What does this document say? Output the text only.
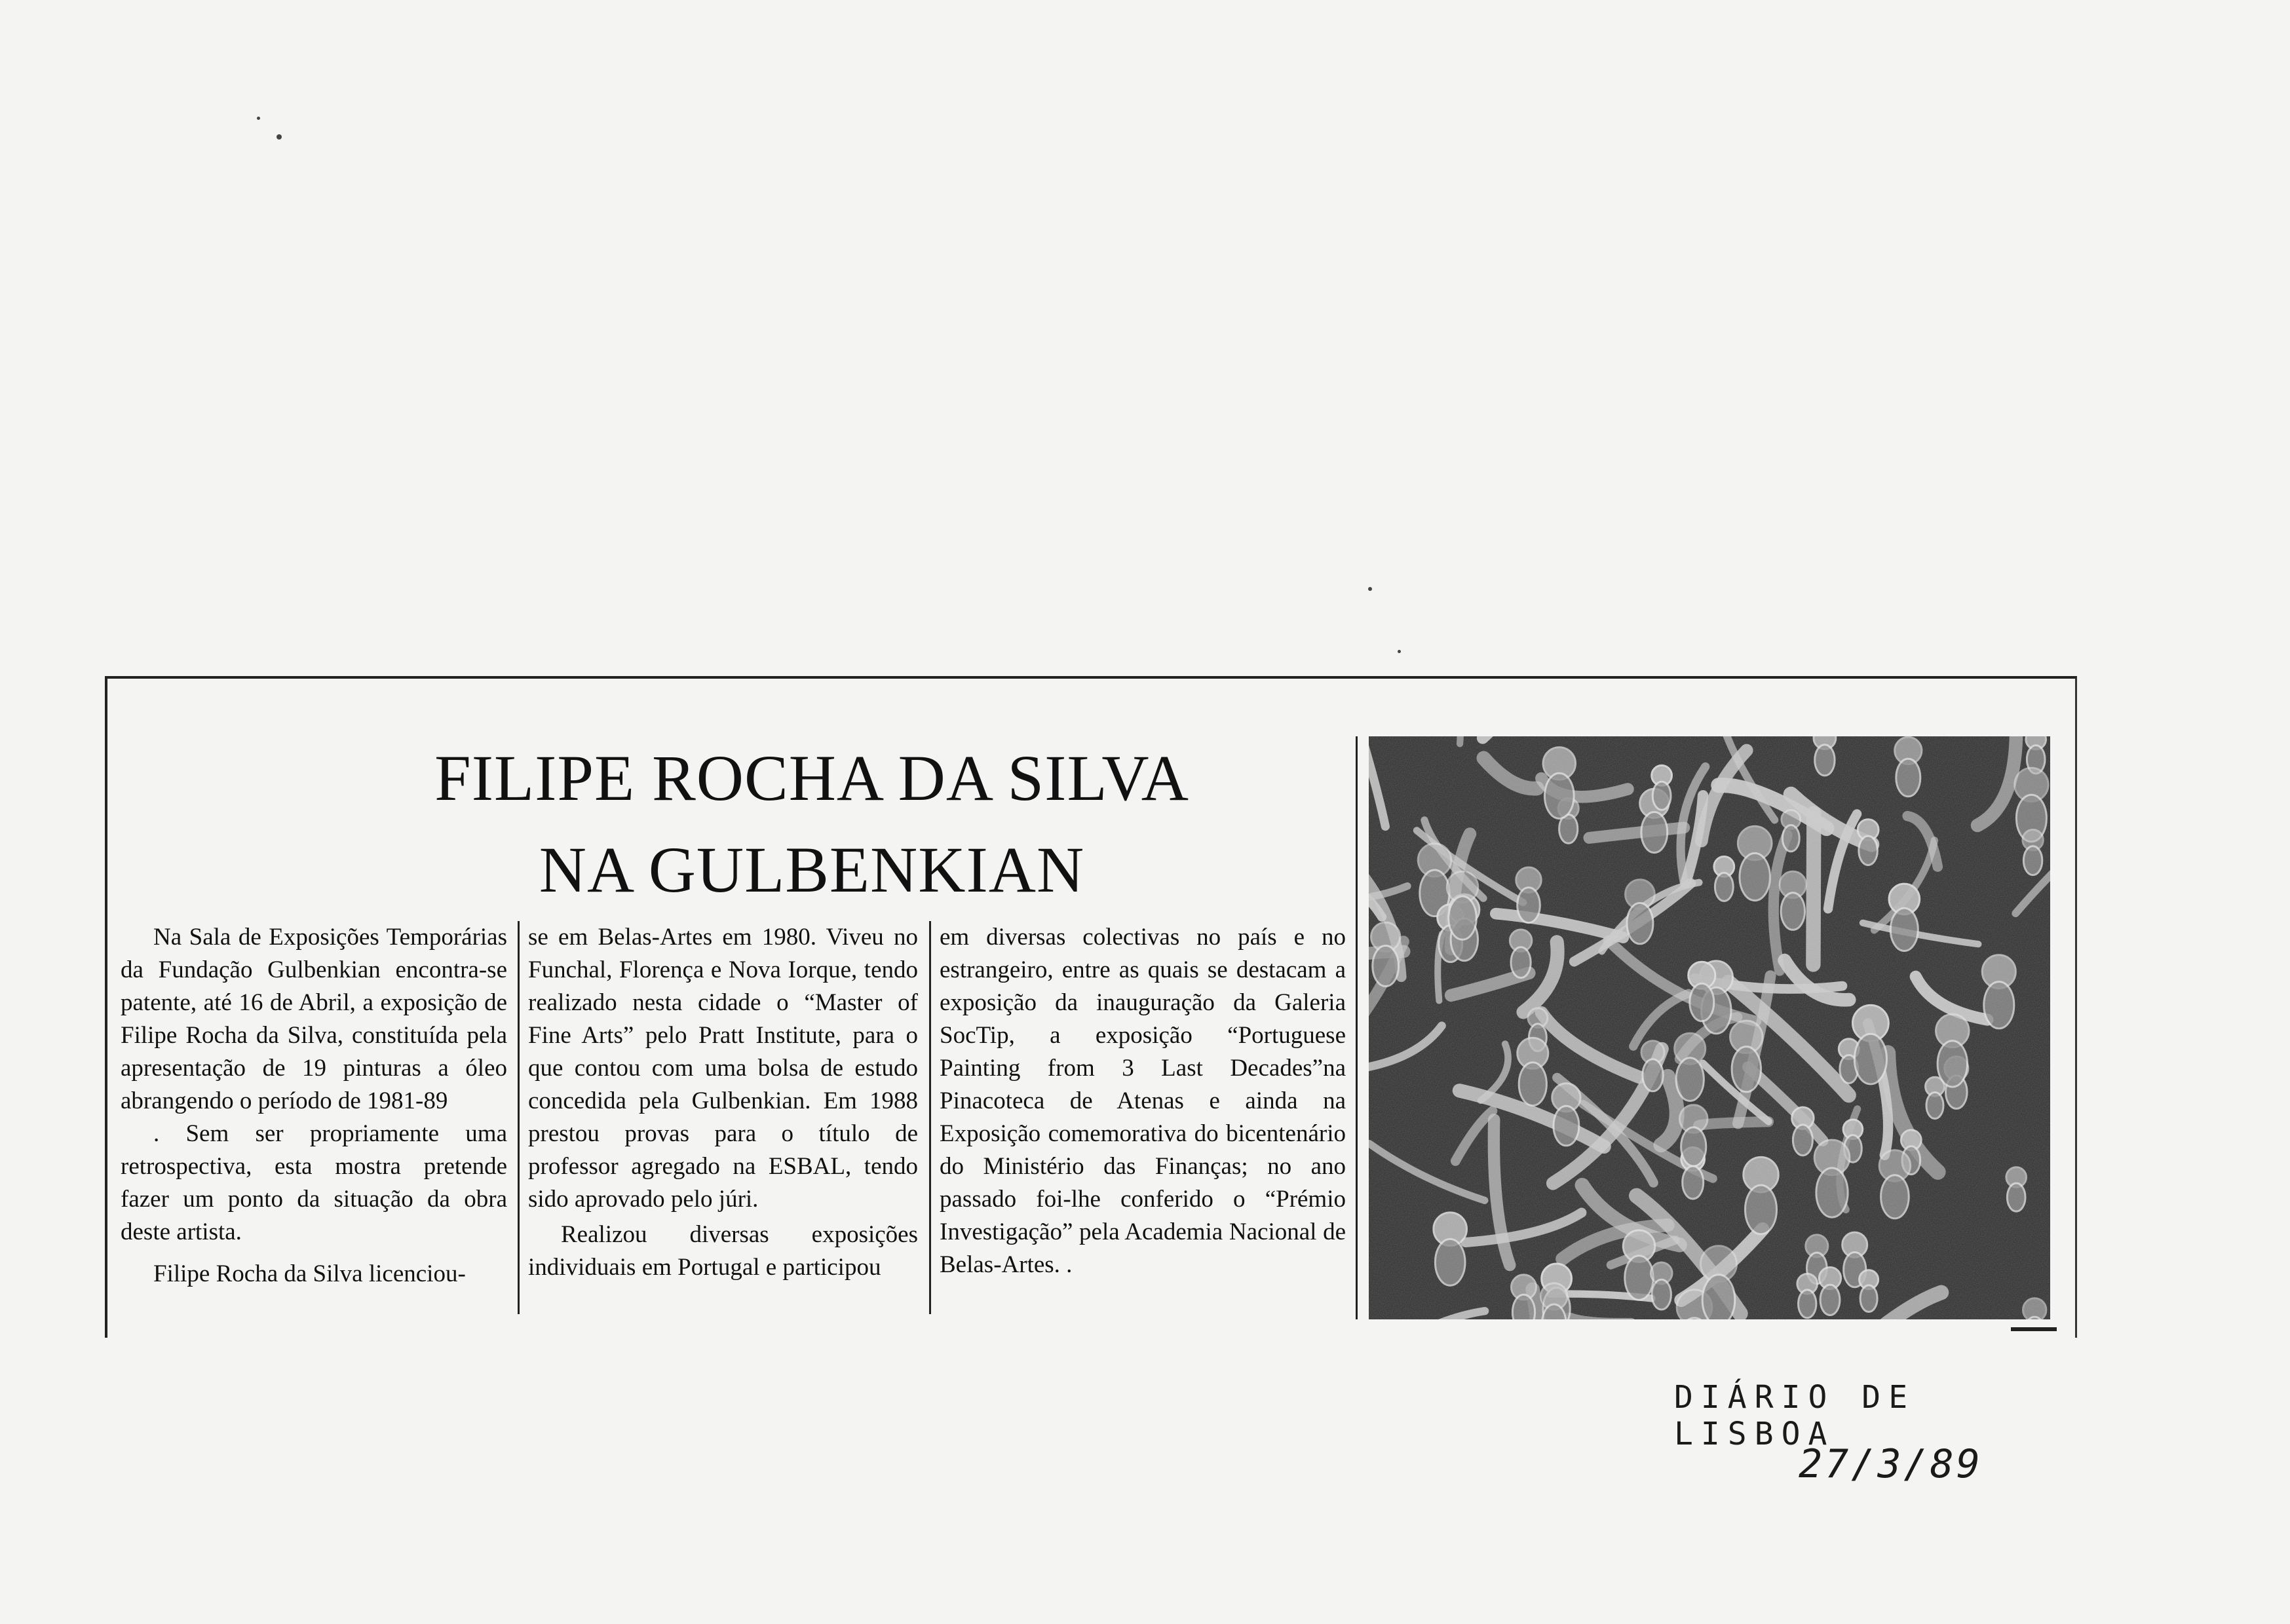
FILIPE ROCHA DA SILVA
NA GULBENKIAN

Na Sala de Exposições Temporárias da Fundação Gulbenkian encontra-se patente, até 16 de Abril, a exposição de Filipe Rocha da Silva, constituída pela apresentação de 19 pinturas a óleo abrangendo o período de 1981-89

. Sem ser propriamente uma retrospectiva, esta mostra pretende fazer um ponto da situação da obra deste artista.

Filipe Rocha da Silva licenciou-

se em Belas-Artes em 1980. Viveu no Funchal, Florença e Nova Iorque, tendo realizado nesta cidade o “Master of Fine Arts” pelo Pratt Institute, para o que contou com uma bolsa de estudo concedida pela Gulbenkian. Em 1988 prestou provas para o título de professor agregado na ESBAL, tendo sido aprovado pelo júri.

Realizou diversas exposições individuais em Portugal e participou

em diversas colectivas no país e no estrangeiro, entre as quais se destacam a exposição da inauguração da Galeria SocTip, a exposição “Portuguese Painting from 3 Last Decades”na Pinacoteca de Atenas e ainda na Exposição comemorativa do bicentenário do Ministério das Finanças; no ano passado foi-lhe conferido o “Prémio Investigação” pela Academia Nacional de Belas-Artes. .

DIÁRIO DE LISBOA
27/3/89
